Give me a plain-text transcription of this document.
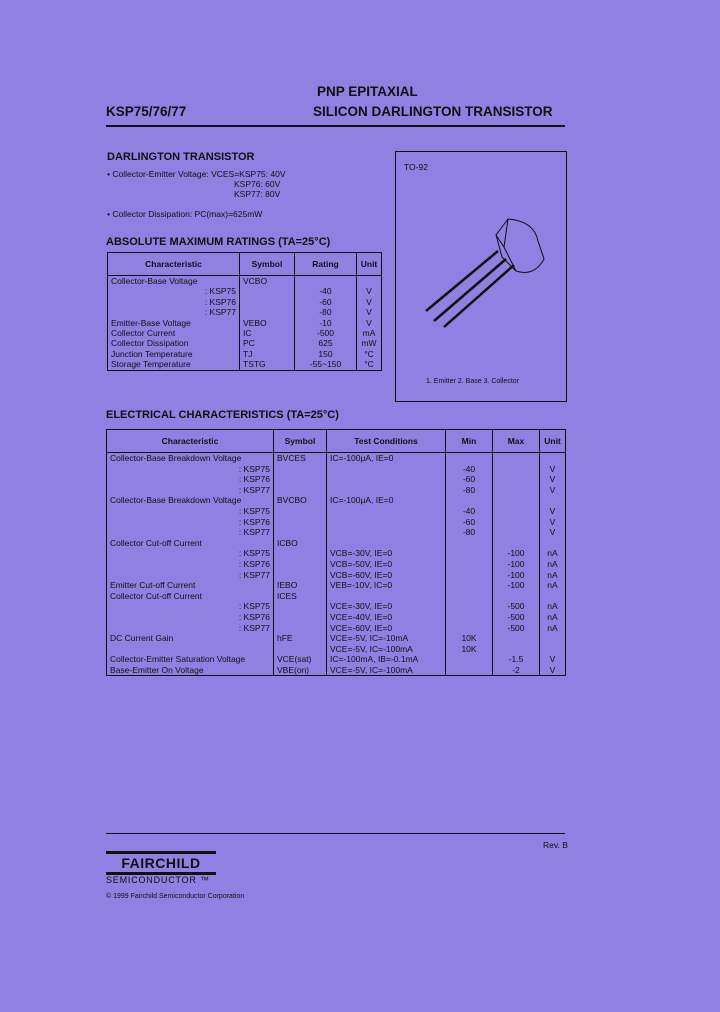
PNP EPITAXIAL
KSP75/76/77	SILICON DARLINGTON TRANSISTOR
DARLINGTON TRANSISTOR
• Collector-Emitter Voltage: VCES=KSP75: 40V
KSP76: 60V
KSP77: 80V
• Collector Dissipation: PC(max)=625mW
TO-92
1. Emitter 2. Base 3. Collector
ABSOLUTE MAXIMUM RATINGS (TA=25°C)
Characteristic	Symbol	Rating	Unit
Collector-Base Voltage	VCBO		
: KSP75		-40	V
: KSP76		-60	V
: KSP77		-80	V
Emitter-Base Voltage	VEBO	-10	V
Collector Current	IC	-500	mA
Collector Dissipation	PC	625	mW
Junction Temperature	TJ	150	°C
Storage Temperature	TSTG	-55~150	°C
ELECTRICAL CHARACTERISTICS (TA=25°C)
Characteristic	Symbol	Test Conditions	Min	Max	Unit
Collector-Base Breakdown Voltage	BVCES	IC=-100μA, IE=0			
: KSP75			-40		V
: KSP76			-60		V
: KSP77			-80		V
Collector-Base Breakdown Voltage	BVCBO	IC=-100μA, IE=0			
: KSP75			-40		V
: KSP76			-60		V
: KSP77			-80		V
Collector Cut-off Current	ICBO				
: KSP75		VCB=-30V, IE=0		-100	nA
: KSP76		VCB=-50V, IE=0		-100	nA
: KSP77		VCB=-60V, IE=0		-100	nA
Emitter Cut-off Current	IEBO	VEB=-10V, IC=0		-100	nA
Collector Cut-off Current	ICES				
: KSP75		VCE=-30V, IE=0		-500	nA
: KSP76		VCE=-40V, IE=0		-500	nA
: KSP77		VCE=-60V, IE=0		-500	nA
DC Current Gain	hFE	VCE=-5V, IC=-10mA	10K		
		VCE=-5V, IC=-100mA	10K		
Collector-Emitter Saturation Voltage	VCE(sat)	IC=-100mA, IB=-0.1mA		-1.5	V
Base-Emitter On Voltage	VBE(on)	VCE=-5V, IC=-100mA		-2	V
Rev. B
FAIRCHILD
SEMICONDUCTOR ™
© 1999 Fairchild Semiconductor Corporation
